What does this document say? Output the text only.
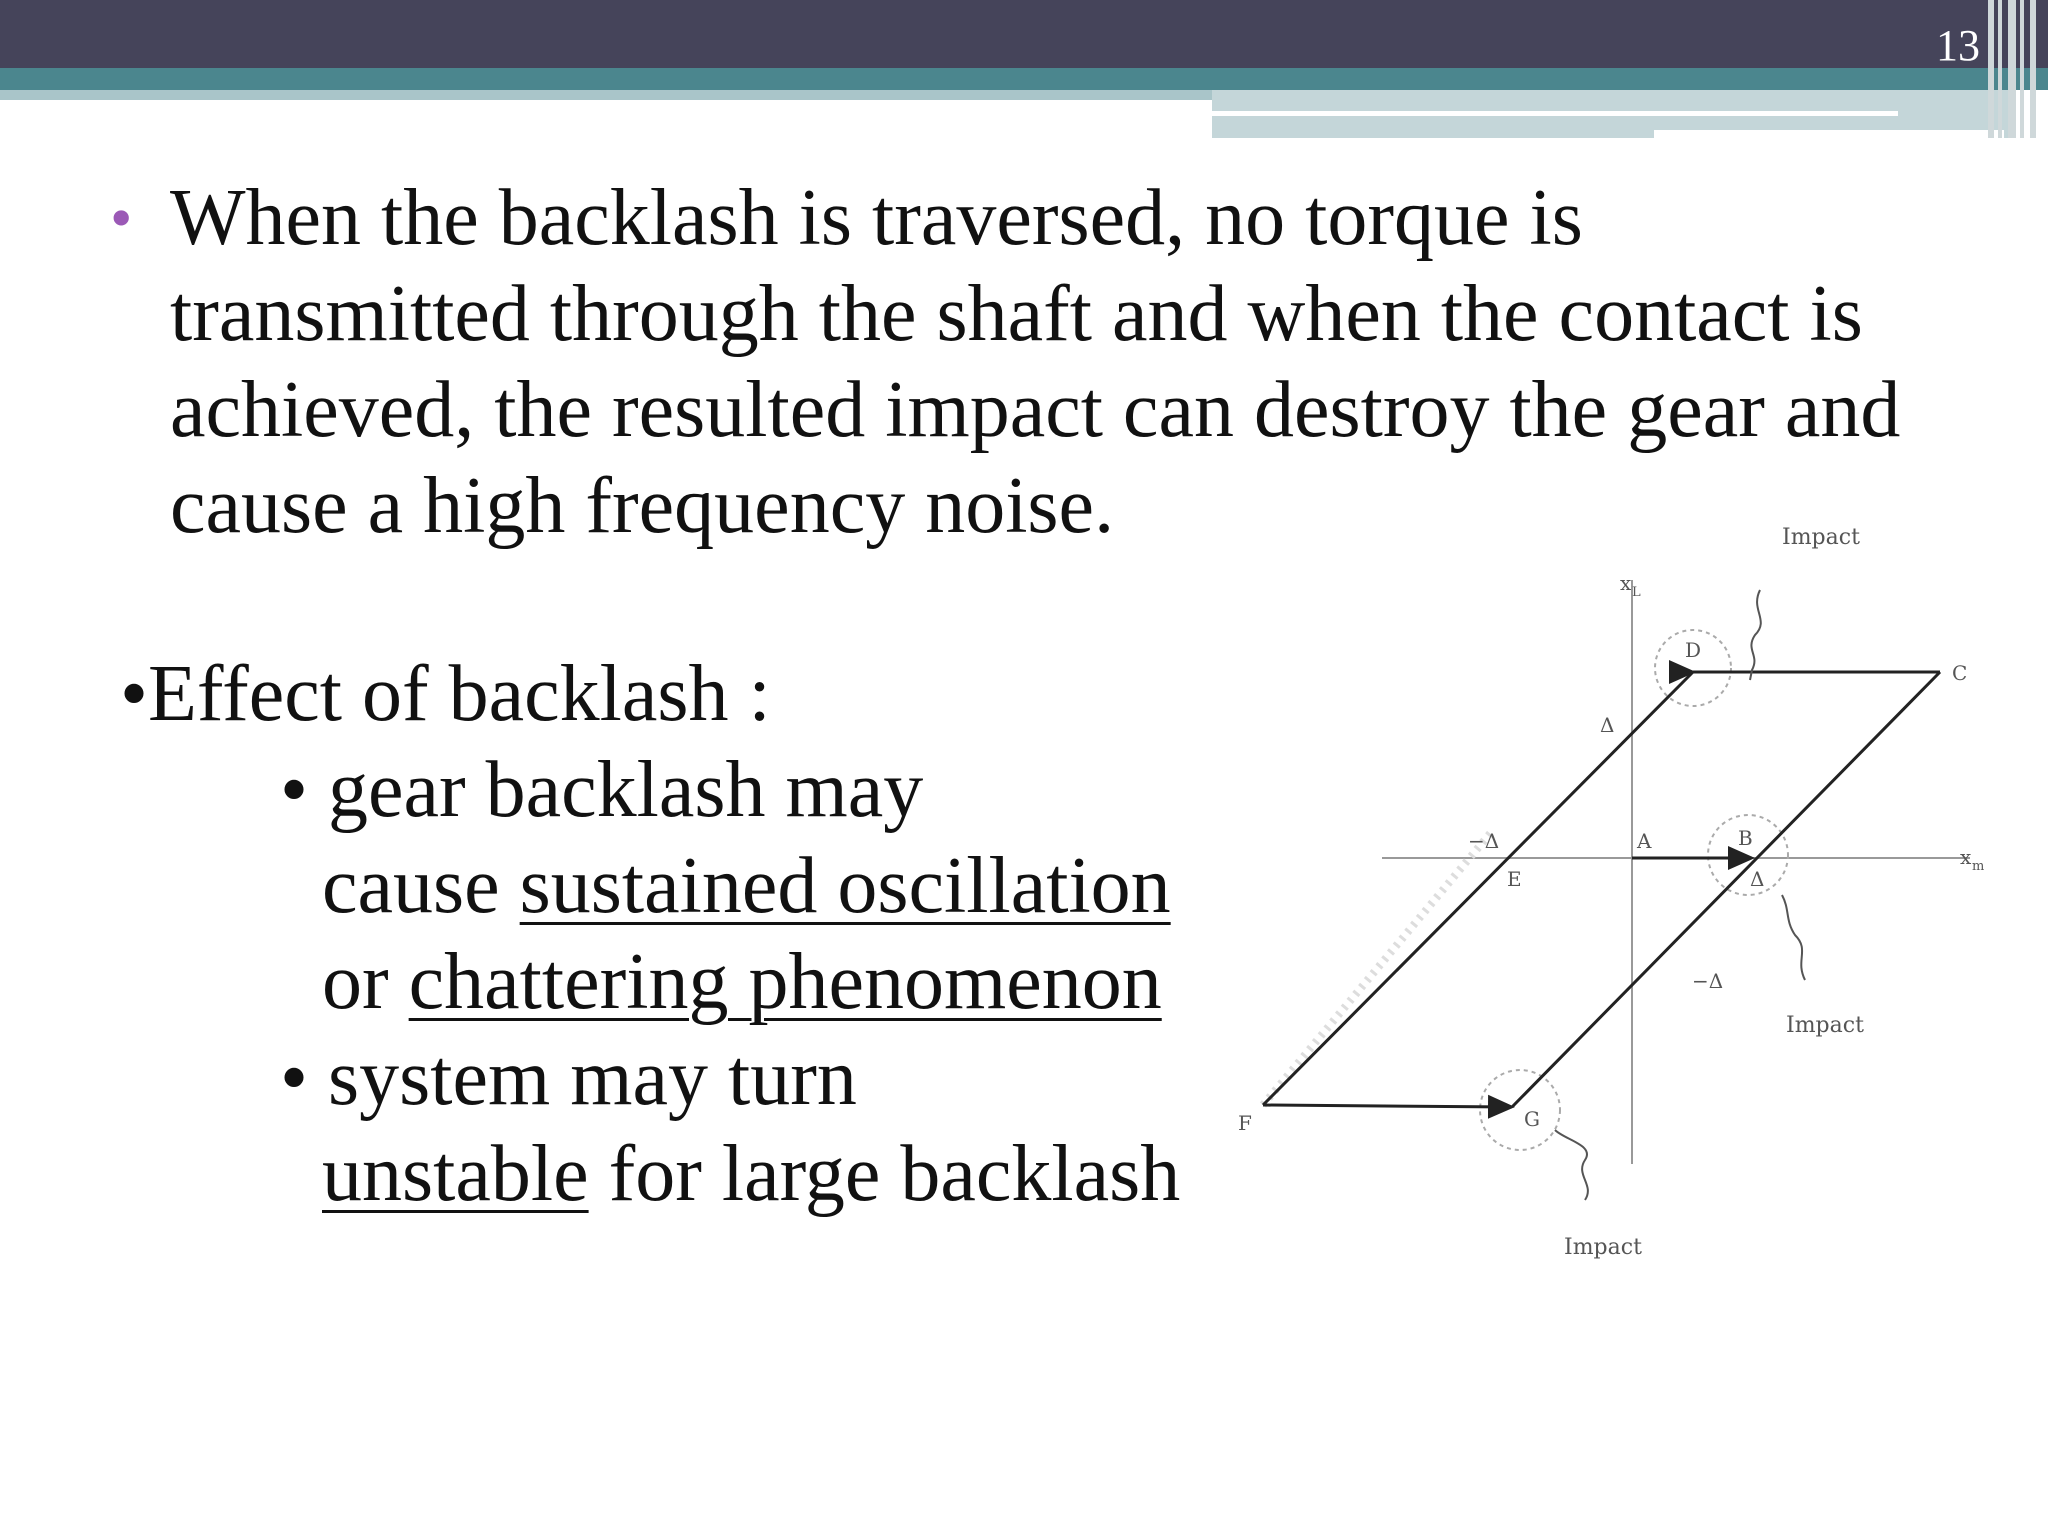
13

• When the backlash is traversed, no torque is transmitted through the shaft and when the contact is achieved, the resulted impact can destroy the gear and cause a high frequency noise.

•Effect of backlash :
• gear backlash may
cause sustained oscillation
or chattering phenomenon
• system may turn
unstable for large backlash
Impact
Impact
Impact
x L
x m
D
C
A	B
E
F	G
Δ
Δ
−Δ
−Δ
